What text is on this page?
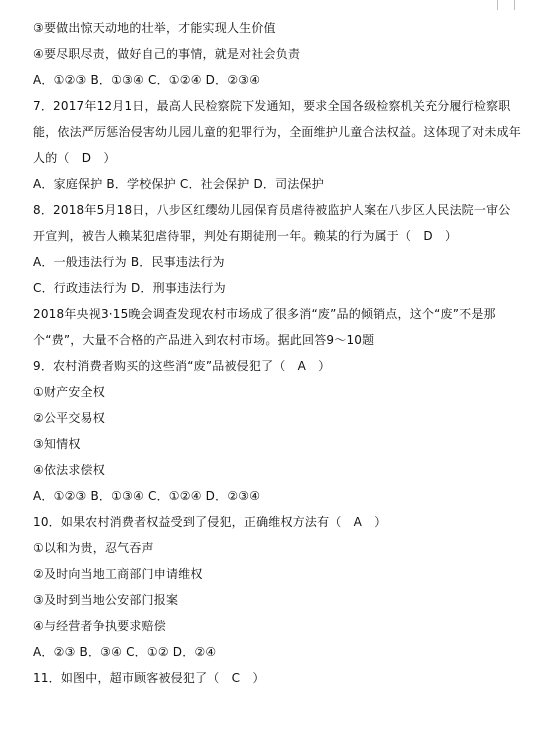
③要做出惊天动地的壮举，才能实现人生价值
④要尽职尽责，做好自己的事情，就是对社会负责
A．①②③ B．①③④ C．①②④ D．②③④
7．2017年12月1日，最高人民检察院下发通知，要求全国各级检察机关充分履行检察职
能，依法严厉惩治侵害幼儿园儿童的犯罪行为，全面维护儿童合法权益。这体现了对未成年
人的（　D　）
A．家庭保护 B．学校保护 C．社会保护 D．司法保护
8．2018年5月18日，八步区红缨幼儿园保育员虐待被监护人案在八步区人民法院一审公
开宣判，被告人赖某犯虐待罪，判处有期徒刑一年。赖某的行为属于（　D　）
A．一般违法行为 B．民事违法行为
C．行政违法行为 D．刑事违法行为
2018年央视3·15晚会调查发现农村市场成了很多消“废”品的倾销点，这个“废”不是那
个“费”，大量不合格的产品进入到农村市场。据此回答9～10题
9．农村消费者购买的这些消“废”品被侵犯了（　A　）
①财产安全权
②公平交易权
③知情权
④依法求偿权
A．①②③ B．①③④ C．①②④ D．②③④
10．如果农村消费者权益受到了侵犯，正确维权方法有（　A　）
①以和为贵，忍气吞声
②及时向当地工商部门申请维权
③及时到当地公安部门报案
④与经营者争执要求赔偿
A．②③ B．③④ C．①② D．②④
11．如图中，超市顾客被侵犯了（　C　）
